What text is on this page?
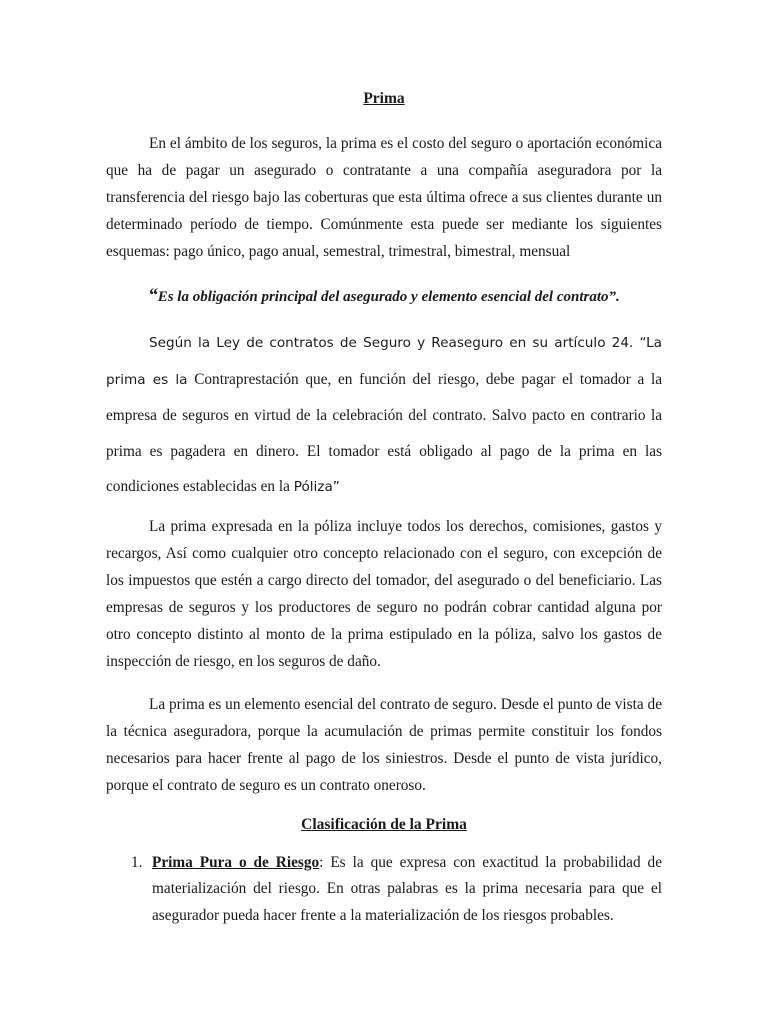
Prima

En el ámbito de los seguros, la prima es el costo del seguro o aportación económica que ha de pagar un asegurado o contratante a una compañía aseguradora por la transferencia del riesgo bajo las coberturas que esta última ofrece a sus clientes durante un determinado período de tiempo. Comúnmente esta puede ser mediante los siguientes esquemas: pago único, pago anual, semestral, trimestral, bimestral, mensual

“Es la obligación principal del asegurado y elemento esencial del contrato”.

Según la Ley de contratos de Seguro y Reaseguro en su artículo 24. “La prima es la Contraprestación que, en función del riesgo, debe pagar el tomador a la empresa de seguros en virtud de la celebración del contrato. Salvo pacto en contrario la prima es pagadera en dinero. El tomador está obligado al pago de la prima en las condiciones establecidas en la Póliza”

La prima expresada en la póliza incluye todos los derechos, comisiones, gastos y recargos, Así como cualquier otro concepto relacionado con el seguro, con excepción de los impuestos que estén a cargo directo del tomador, del asegurado o del beneficiario. Las empresas de seguros y los productores de seguro no podrán cobrar cantidad alguna por otro concepto distinto al monto de la prima estipulado en la póliza, salvo los gastos de inspección de riesgo, en los seguros de daño.

La prima es un elemento esencial del contrato de seguro. Desde el punto de vista de la técnica aseguradora, porque la acumulación de primas permite constituir los fondos necesarios para hacer frente al pago de los siniestros. Desde el punto de vista jurídico, porque el contrato de seguro es un contrato oneroso.

Clasificación de la Prima
1. Prima Pura o de Riesgo: Es la que expresa con exactitud la probabilidad de materialización del riesgo. En otras palabras es la prima necesaria para que el asegurador pueda hacer frente a la materialización de los riesgos probables.
